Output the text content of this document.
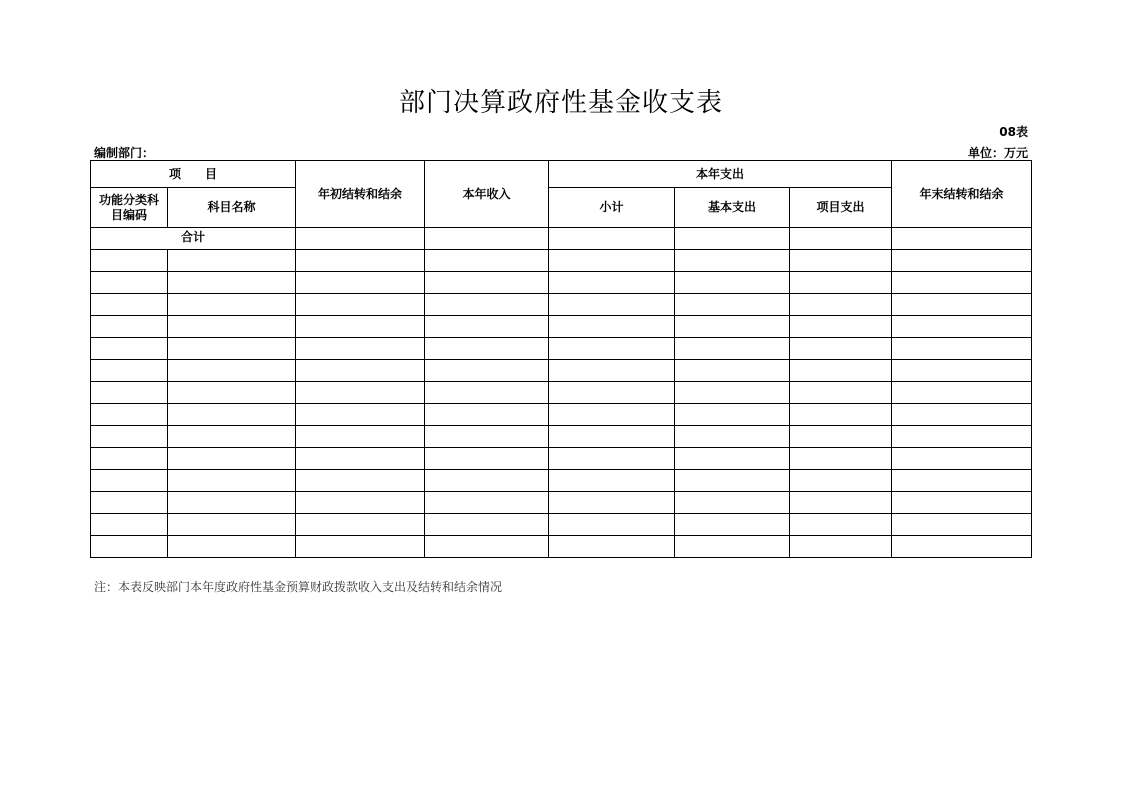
部门决算政府性基金收支表
08表
编制部门：	单位：万元
项　　目		年初结转和结余	本年收入	本年支出			年末结转和结余
功能分类科目编码	科目名称			小计	基本支出	项目支出	
合计							

注：本表反映部门本年度政府性基金预算财政拨款收入支出及结转和结余情况
